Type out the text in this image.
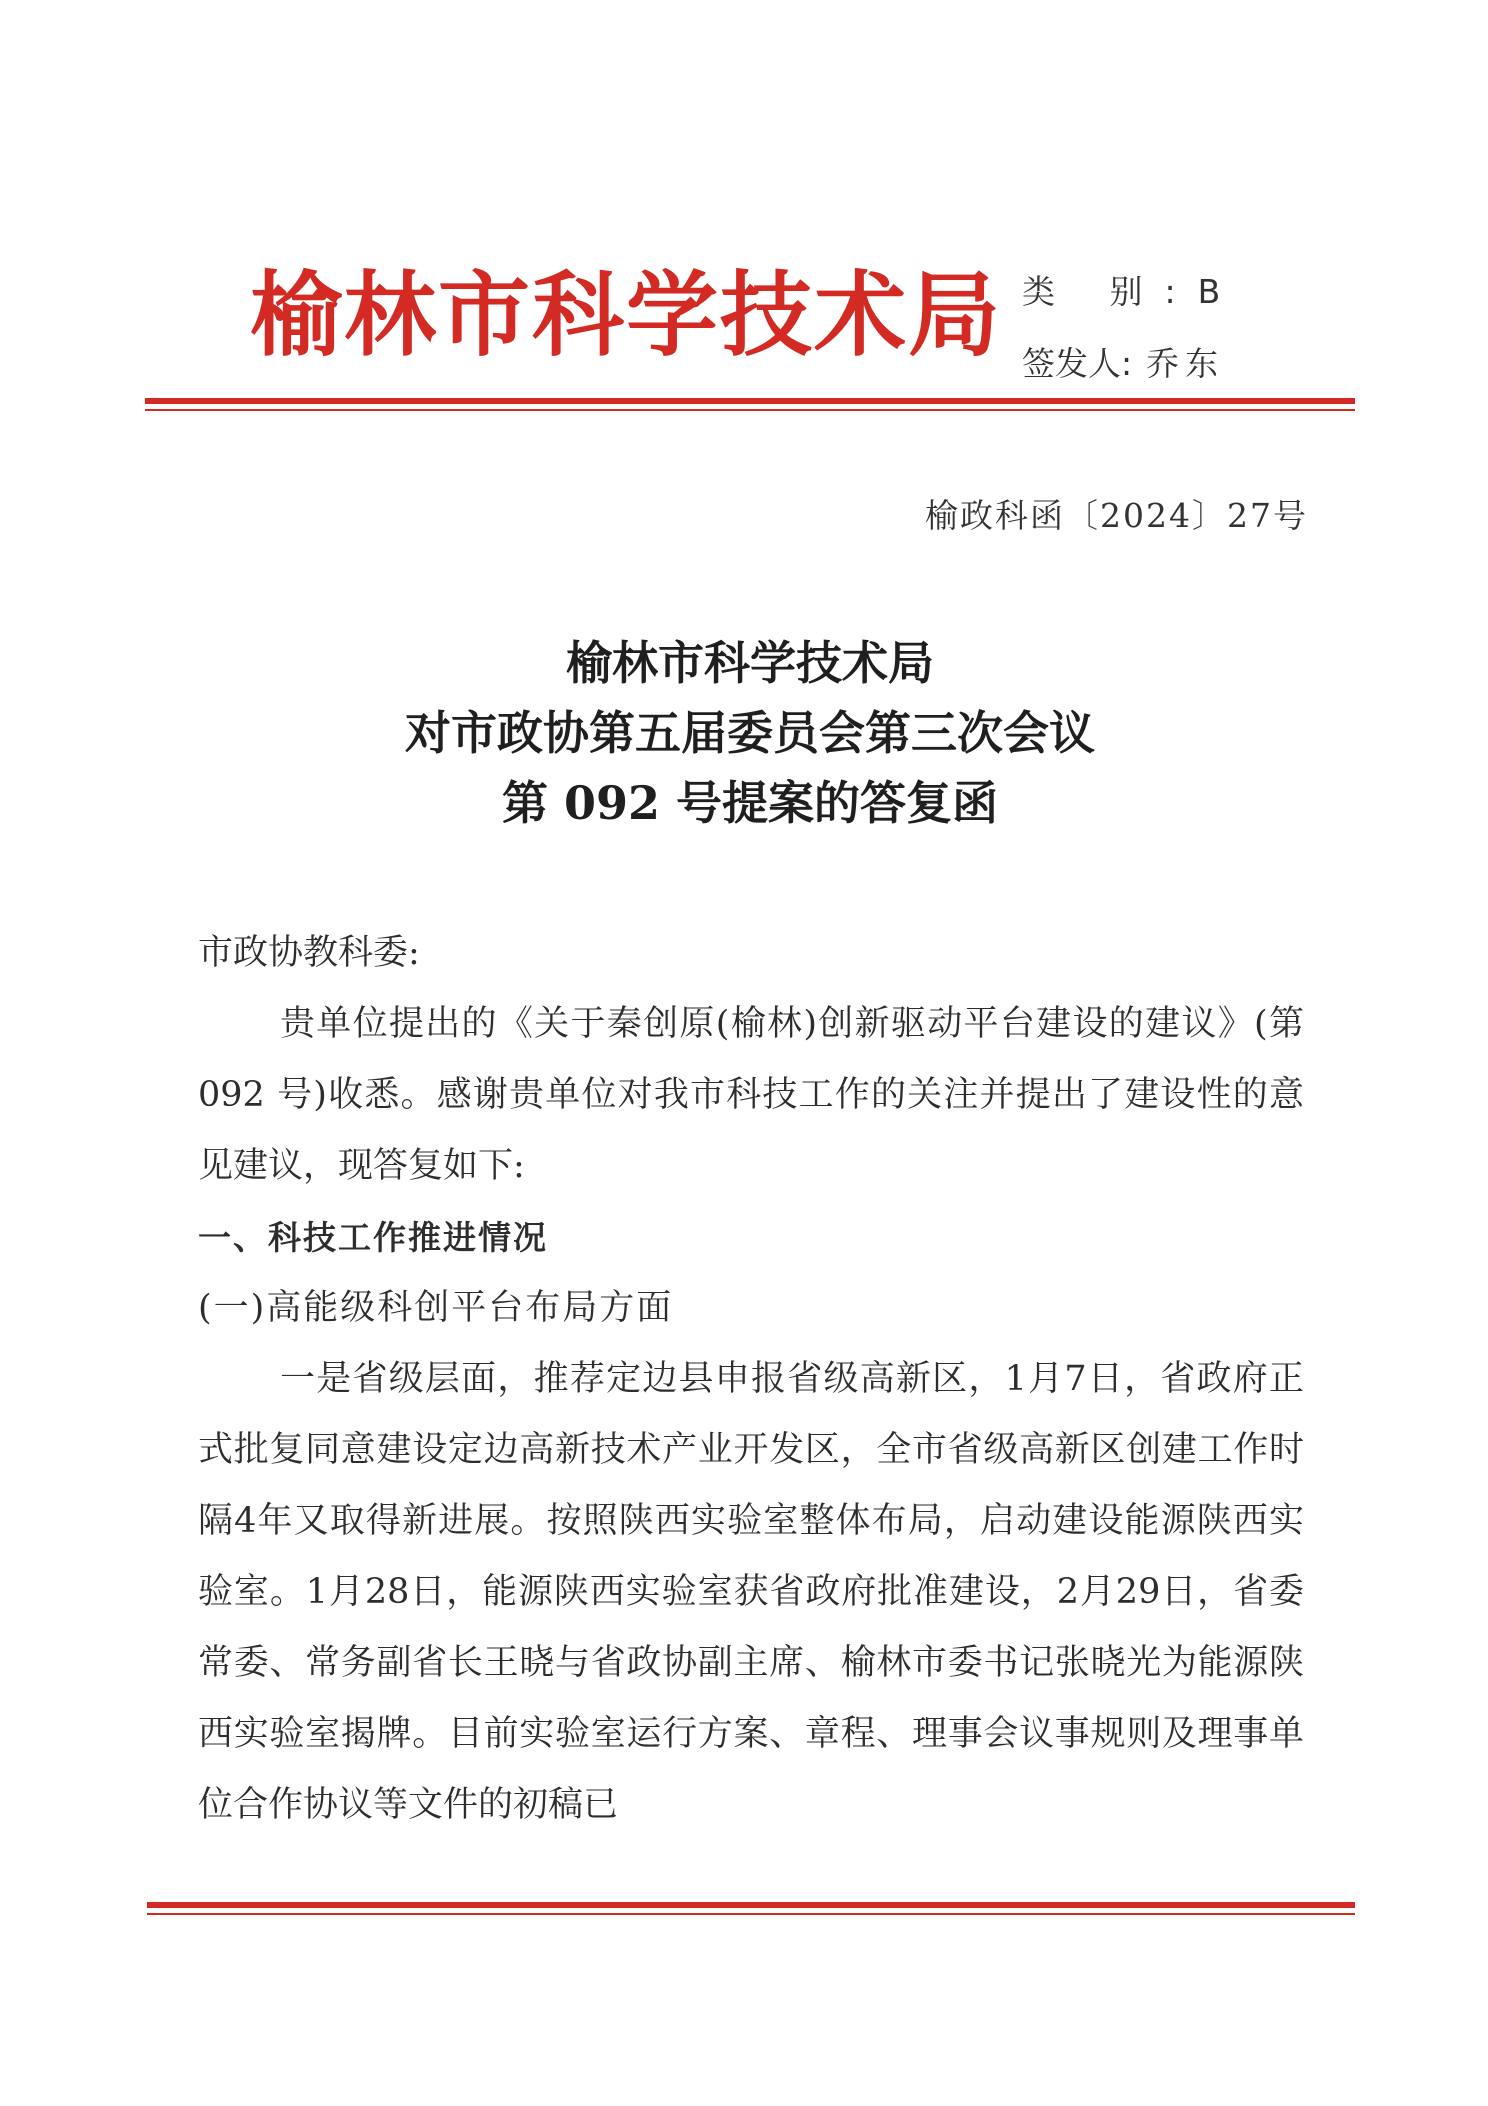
榆林市科学技术局 类 别:B
签发人: 乔东
榆政科函〔2024〕27号
榆林市科学技术局
对市政协第五届委员会第三次会议
第 092 号提案的答复函

市政协教科委:

贵单位提出的《关于秦创原(榆林)创新驱动平台建设的建议》(第 092 号)收悉。感谢贵单位对我市科技工作的关注并提出了建设性的意见建议，现答复如下:

一、科技工作推进情况

(一)高能级科创平台布局方面

一是省级层面，推荐定边县申报省级高新区，1月7日，省政府正式批复同意建设定边高新技术产业开发区，全市省级高新区创建工作时隔4年又取得新进展。按照陕西实验室整体布局，启动建设能源陕西实验室。1月28日，能源陕西实验室获省政府批准建设，2月29日，省委常委、常务副省长王晓与省政协副主席、榆林市委书记张晓光为能源陕西实验室揭牌。目前实验室运行方案、章程、理事会议事规则及理事单位合作协议等文件的初稿已
